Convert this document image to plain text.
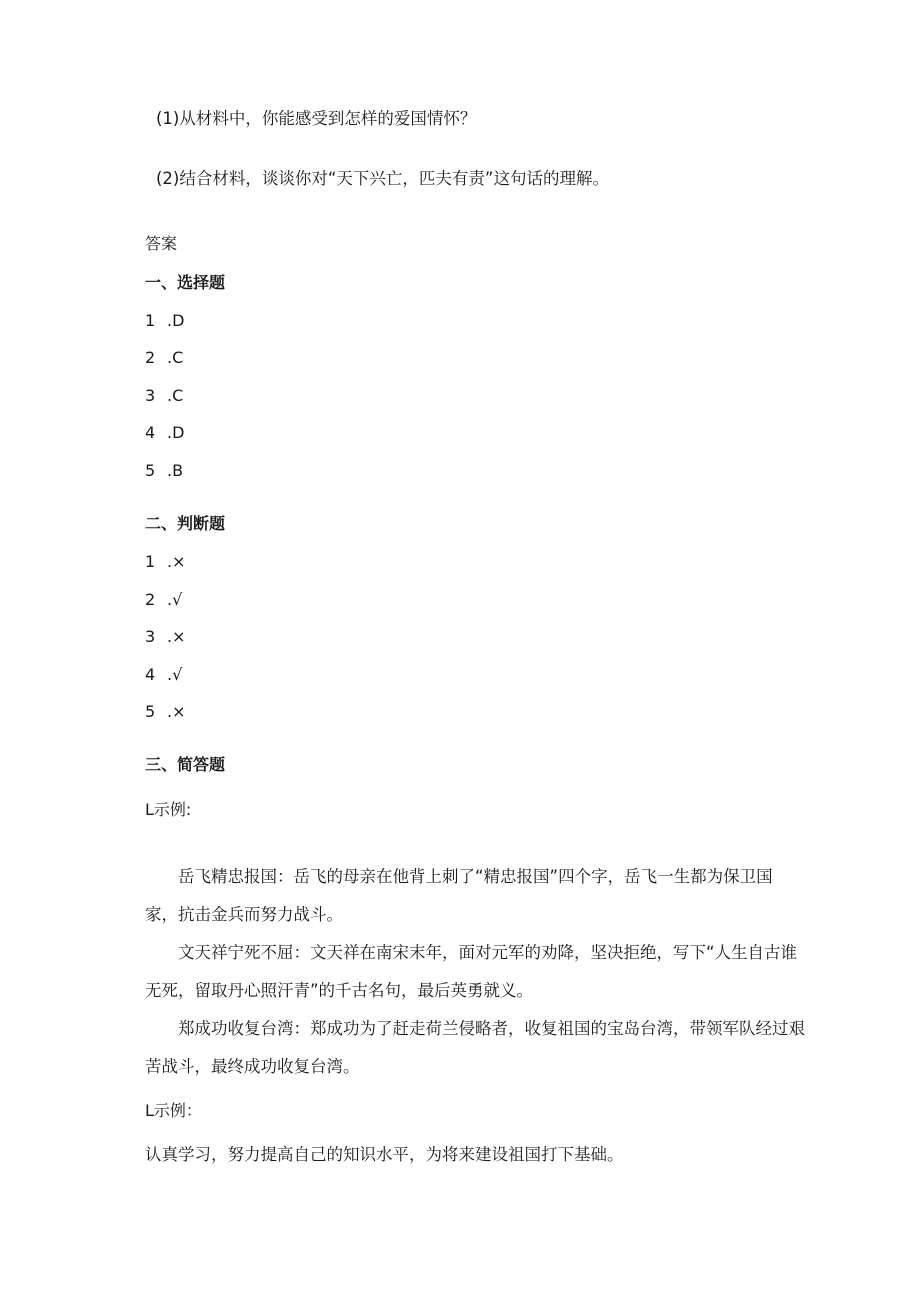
(1)从材料中，你能感受到怎样的爱国情怀？
(2)结合材料，谈谈你对“天下兴亡，匹夫有责”这句话的理解。
答案
一、选择题
1 .D
2 .C
3 .C
4 .D
5 .B
二、判断题
1 .×
2 .√
3 .×
4 .√
5 .×
三、简答题
L示例:
岳飞精忠报国：岳飞的母亲在他背上刺了“精忠报国”四个字，岳飞一生都为保卫国家，抗击金兵而努力战斗。
文天祥宁死不屈：文天祥在南宋末年，面对元军的劝降，坚决拒绝，写下“人生自古谁无死，留取丹心照汗青”的千古名句，最后英勇就义。
郑成功收复台湾：郑成功为了赶走荷兰侵略者，收复祖国的宝岛台湾，带领军队经过艰苦战斗，最终成功收复台湾。
L示例：
认真学习，努力提高自己的知识水平，为将来建设祖国打下基础。
